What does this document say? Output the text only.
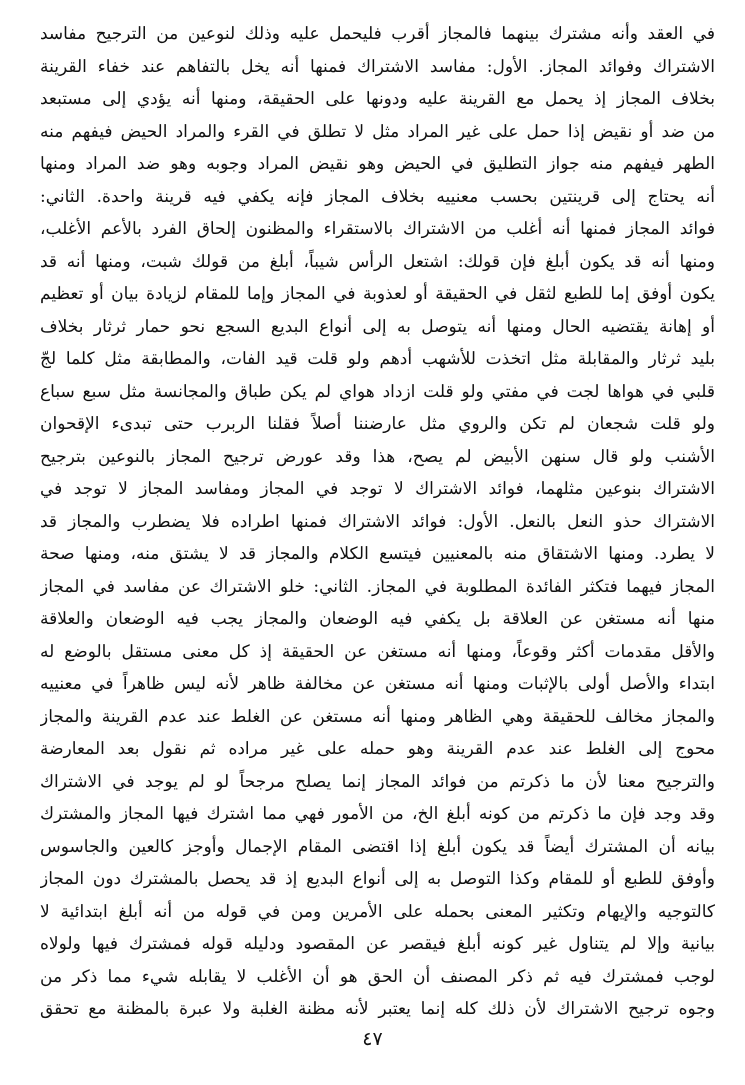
في العقد وأنه مشترك بينهما فالمجاز أقرب فليحمل عليه وذلك لنوعين من الترجيح مفاسد
الاشتراك وفوائد المجاز. الأول: مفاسد الاشتراك فمنها أنه يخل بالتفاهم عند خفاء القرينة
بخلاف المجاز إذ يحمل مع القرينة عليه ودونها على الحقيقة، ومنها أنه يؤدي إلى مستبعد
من ضد أو نقيض إذا حمل على غير المراد مثل لا تطلق في القرء والمراد الحيض فيفهم منه
الطهر فيفهم منه جواز التطليق في الحيض وهو نقيض المراد وجوبه وهو ضد المراد ومنها
أنه يحتاج إلى قرينتين بحسب معنييه بخلاف المجاز فإنه يكفي فيه قرينة واحدة. الثاني:
فوائد المجاز فمنها أنه أغلب من الاشتراك بالاستقراء والمظنون إلحاق الفرد بالأعم الأغلب،
ومنها أنه قد يكون أبلغ فإن قولك: اشتعل الرأس شيباً، أبلغ من قولك شبت، ومنها أنه قد
يكون أوفق إما للطبع لثقل في الحقيقة أو لعذوبة في المجاز وإما للمقام لزيادة بيان أو تعظيم
أو إهانة يقتضيه الحال ومنها أنه يتوصل به إلى أنواع البديع السجع نحو حمار ثرثار بخلاف
بليد ثرثار والمقابلة مثل اتخذت للأشهب أدهم ولو قلت قيد الفات، والمطابقة مثل كلما لجّ
قلبي في هواها لجت في مفتي ولو قلت ازداد هواي لم يكن طباق والمجانسة مثل سبع سباع
ولو قلت شجعان لم تكن والروي مثل عارضننا أصلاً فقلنا الربرب حتى تبدىء الإقحوان
الأشنب ولو قال سنهن الأبيض لم يصح، هذا وقد عورض ترجيح المجاز بالنوعين بترجيح
الاشتراك بنوعين مثلهما، فوائد الاشتراك لا توجد في المجاز ومفاسد المجاز لا توجد في
الاشتراك حذو النعل بالنعل. الأول: فوائد الاشتراك فمنها اطراده فلا يضطرب والمجاز قد
لا يطرد. ومنها الاشتقاق منه بالمعنيين فيتسع الكلام والمجاز قد لا يشتق منه، ومنها صحة
المجاز فيهما فتكثر الفائدة المطلوبة في المجاز. الثاني: خلو الاشتراك عن مفاسد في المجاز
منها أنه مستغن عن العلاقة بل يكفي فيه الوضعان والمجاز يجب فيه الوضعان والعلاقة
والأقل مقدمات أكثر وقوعاً، ومنها أنه مستغن عن الحقيقة إذ كل معنى مستقل بالوضع له
ابتداء والأصل أولى بالإثبات ومنها أنه مستغن عن مخالفة ظاهر لأنه ليس ظاهراً في معنييه
والمجاز مخالف للحقيقة وهي الظاهر ومنها أنه مستغن عن الغلط عند عدم القرينة والمجاز
محوج إلى الغلط عند عدم القرينة وهو حمله على غير مراده ثم نقول بعد المعارضة
والترجيح معنا لأن ما ذكرتم من فوائد المجاز إنما يصلح مرجحاً لو لم يوجد في الاشتراك
وقد وجد فإن ما ذكرتم من كونه أبلغ الخ، من الأمور فهي مما اشترك فيها المجاز والمشترك
بيانه أن المشترك أيضاً قد يكون أبلغ إذا اقتضى المقام الإجمال وأوجز كالعين والجاسوس
وأوفق للطبع أو للمقام وكذا التوصل به إلى أنواع البديع إذ قد يحصل بالمشترك دون المجاز
كالتوجيه والإيهام وتكثير المعنى بحمله على الأمرين ومن في قوله من أنه أبلغ ابتدائية لا
بيانية وإلا لم يتناول غير كونه أبلغ فيقصر عن المقصود ودليله قوله فمشترك فيها ولولاه
لوجب فمشترك فيه ثم ذكر المصنف أن الحق هو أن الأغلب لا يقابله شيء مما ذكر من
وجوه ترجيح الاشتراك لأن ذلك كله إنما يعتبر لأنه مظنة الغلبة ولا عبرة بالمظنة مع تحقق
٤٧
